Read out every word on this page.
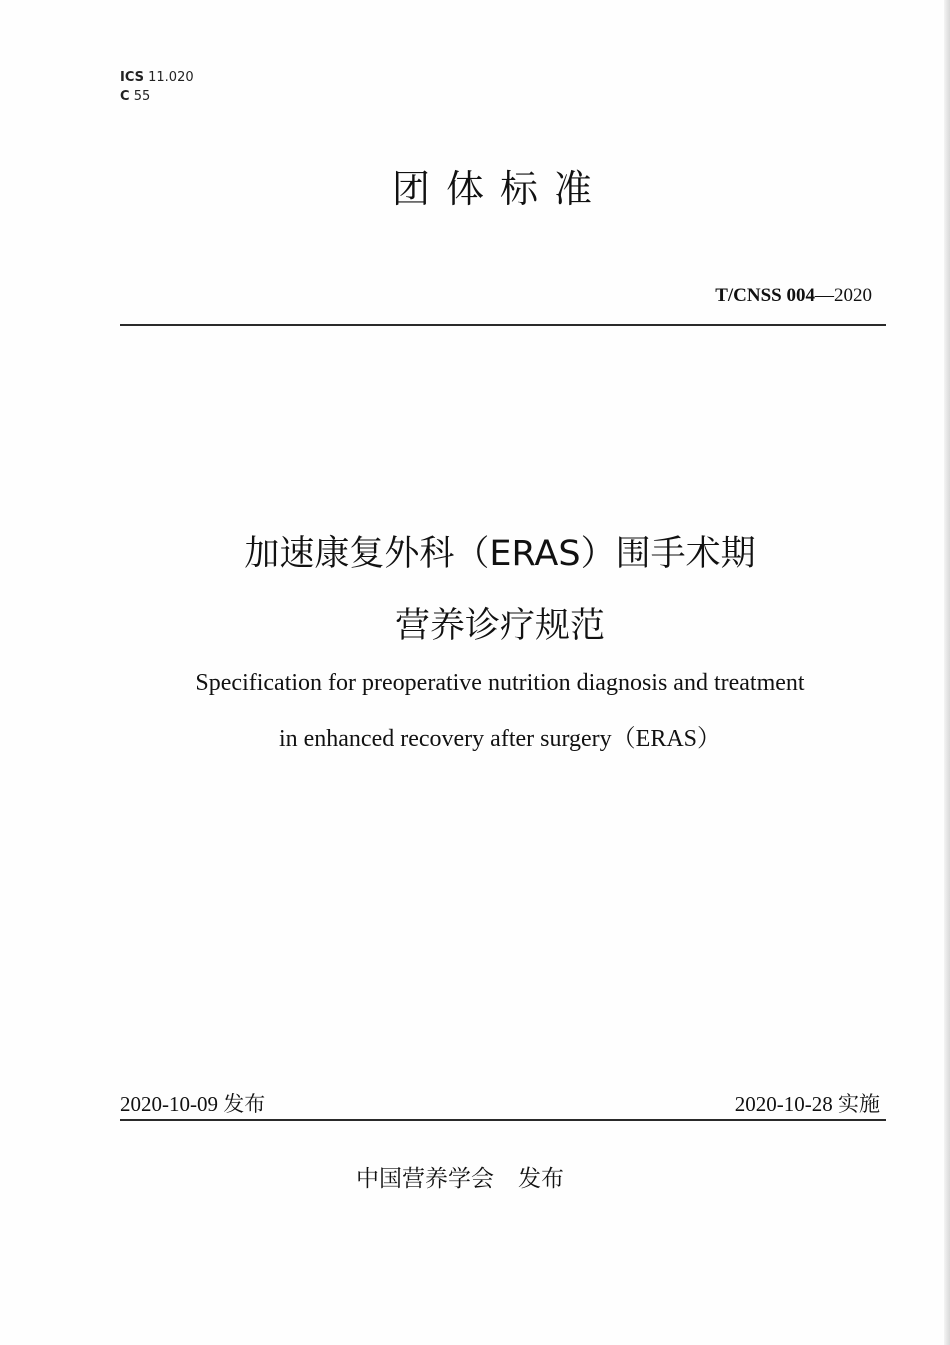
ICS 11.020
C 55
团体标准
T/CNSS 004—2020
加速康复外科（ERAS）围手术期
营养诊疗规范
Specification for preoperative nutrition diagnosis and treatment
in enhanced recovery after surgery（ERAS）
2020-10-09 发布	2020-10-28 实施
中国营养学会 发布
